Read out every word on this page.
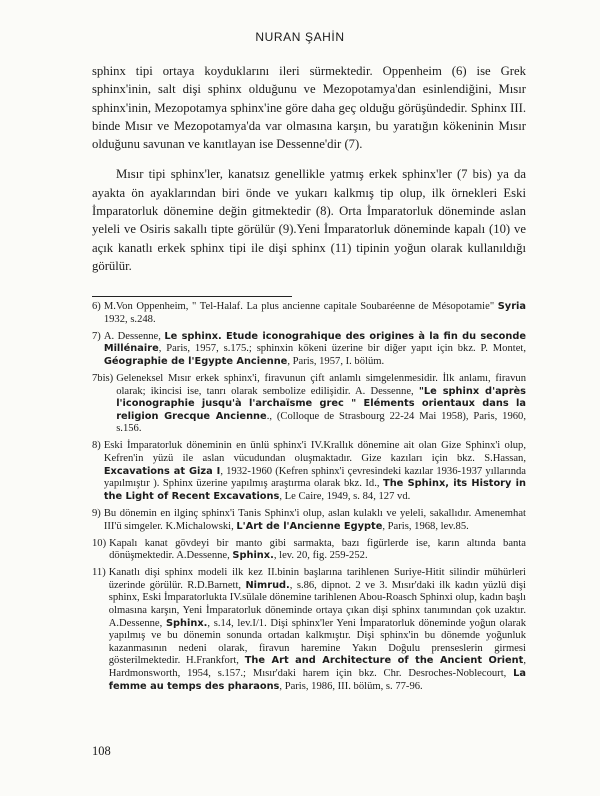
NURAN ŞAHİN

sphinx tipi ortaya koyduklarını ileri sürmektedir. Oppenheim (6) ise Grek sphinx'inin, salt dişi sphinx olduğunu ve Mezopotamya'dan esinlendiğini, Mısır sphinx'inin, Mezopotamya sphinx'ine göre daha geç olduğu görüşündedir. Sphinx III. binde Mısır ve Mezopotamya'da var olmasına karşın, bu yaratığın kökeninin Mısır olduğunu savunan ve kanıtlayan ise Dessenne'dir (7).

Mısır tipi sphinx'ler, kanatsız genellikle yatmış erkek sphinx'ler (7 bis) ya da ayakta ön ayaklarından biri önde ve yukarı kalkmış tip olup, ilk örnekleri Eski İmparatorluk dönemine değin gitmektedir (8). Orta İmparatorluk döneminde aslan yeleli ve Osiris sakallı tipte görülür (9).Yeni İmparatorluk döneminde kapalı (10) ve açık kanatlı erkek sphinx tipi ile dişi sphinx (11) tipinin yoğun olarak kullanıldığı görülür.

6) M.Von Oppenheim, " Tel-Halaf. La plus ancienne capitale Soubaréenne de Mésopotamie" Syria 1932, s.248.
7) A. Dessenne, Le sphinx. Etude iconograhique des origines à la fin du seconde Millénaire, Paris, 1957, s.175.; sphinxin kökeni üzerine bir diğer yapıt için bkz. P. Montet, Géographie de l'Egypte Ancienne, Paris, 1957, I. bölüm.
7bis) Geleneksel Mısır erkek sphinx'i, firavunun çift anlamlı simgelenmesidir. İlk anlamı, firavun olarak; ikincisi ise, tanrı olarak sembolize edilişidir. A. Dessenne, "Le sphinx d'après l'iconographie jusqu'à l'archaïsme grec " Eléments orientaux dans la religion Grecque Ancienne., (Colloque de Strasbourg 22-24 Mai 1958), Paris, 1960, s.156.
8) Eski İmparatorluk döneminin en ünlü sphinx'i IV.Krallık dönemine ait olan Gize Sphinx'i olup, Kefren'in yüzü ile aslan vücudundan oluşmaktadır. Gize kazıları için bkz. S.Hassan, Excavations at Giza I, 1932-1960 (Kefren sphinx'i çevresindeki kazılar 1936-1937 yıllarında yapılmıştır ). Sphinx üzerine yapılmış araştırma olarak bkz. Id., The Sphinx, its History in the Light of Recent Excavations, Le Caire, 1949, s. 84, 127 vd.
9) Bu dönemin en ilginç sphinx'i Tanis Sphinx'i olup, aslan kulaklı ve yeleli, sakallıdır. Amenemhat III'ü simgeler. K.Michalowski, L'Art de l'Ancienne Egypte, Paris, 1968, lev.85.
10) Kapalı kanat gövdeyi bir manto gibi sarmakta, bazı figürlerde ise, karın altında banta dönüşmektedir. A.Dessenne, Sphinx., lev. 20, fig. 259-252.
11) Kanatlı dişi sphinx modeli ilk kez II.binin başlarına tarihlenen Suriye-Hitit silindir mühürleri üzerinde görülür. R.D.Barnett, Nimrud., s.86, dipnot. 2 ve 3. Mısır'daki ilk kadın yüzlü dişi sphinx, Eski İmparatorlukta IV.sülale dönemine tarihlenen Abou-Roasch Sphinxi olup, kadın başlı olmasına karşın, Yeni İmparatorluk döneminde ortaya çıkan dişi sphinx tanımından çok uzaktır. A.Dessenne, Sphinx., s.14, lev.I/1. Dişi sphinx'ler Yeni İmparatorluk döneminde yoğun olarak yapılmış ve bu dönemin sonunda ortadan kalkmıştır. Dişi sphinx'in bu dönemde yoğunluk kazanmasının nedeni olarak, firavun hareminе Yakın Doğulu prenseslerin girmesi gösterilmektedir. H.Frankfort, The Art and Architecture of the Ancient Orient, Hardmonsworth, 1954, s.157.; Mısır'daki harem için bkz. Chr. Desroches-Noblecourt, La femme au temps des pharaons, Paris, 1986, III. bölüm, s. 77-96.
108
